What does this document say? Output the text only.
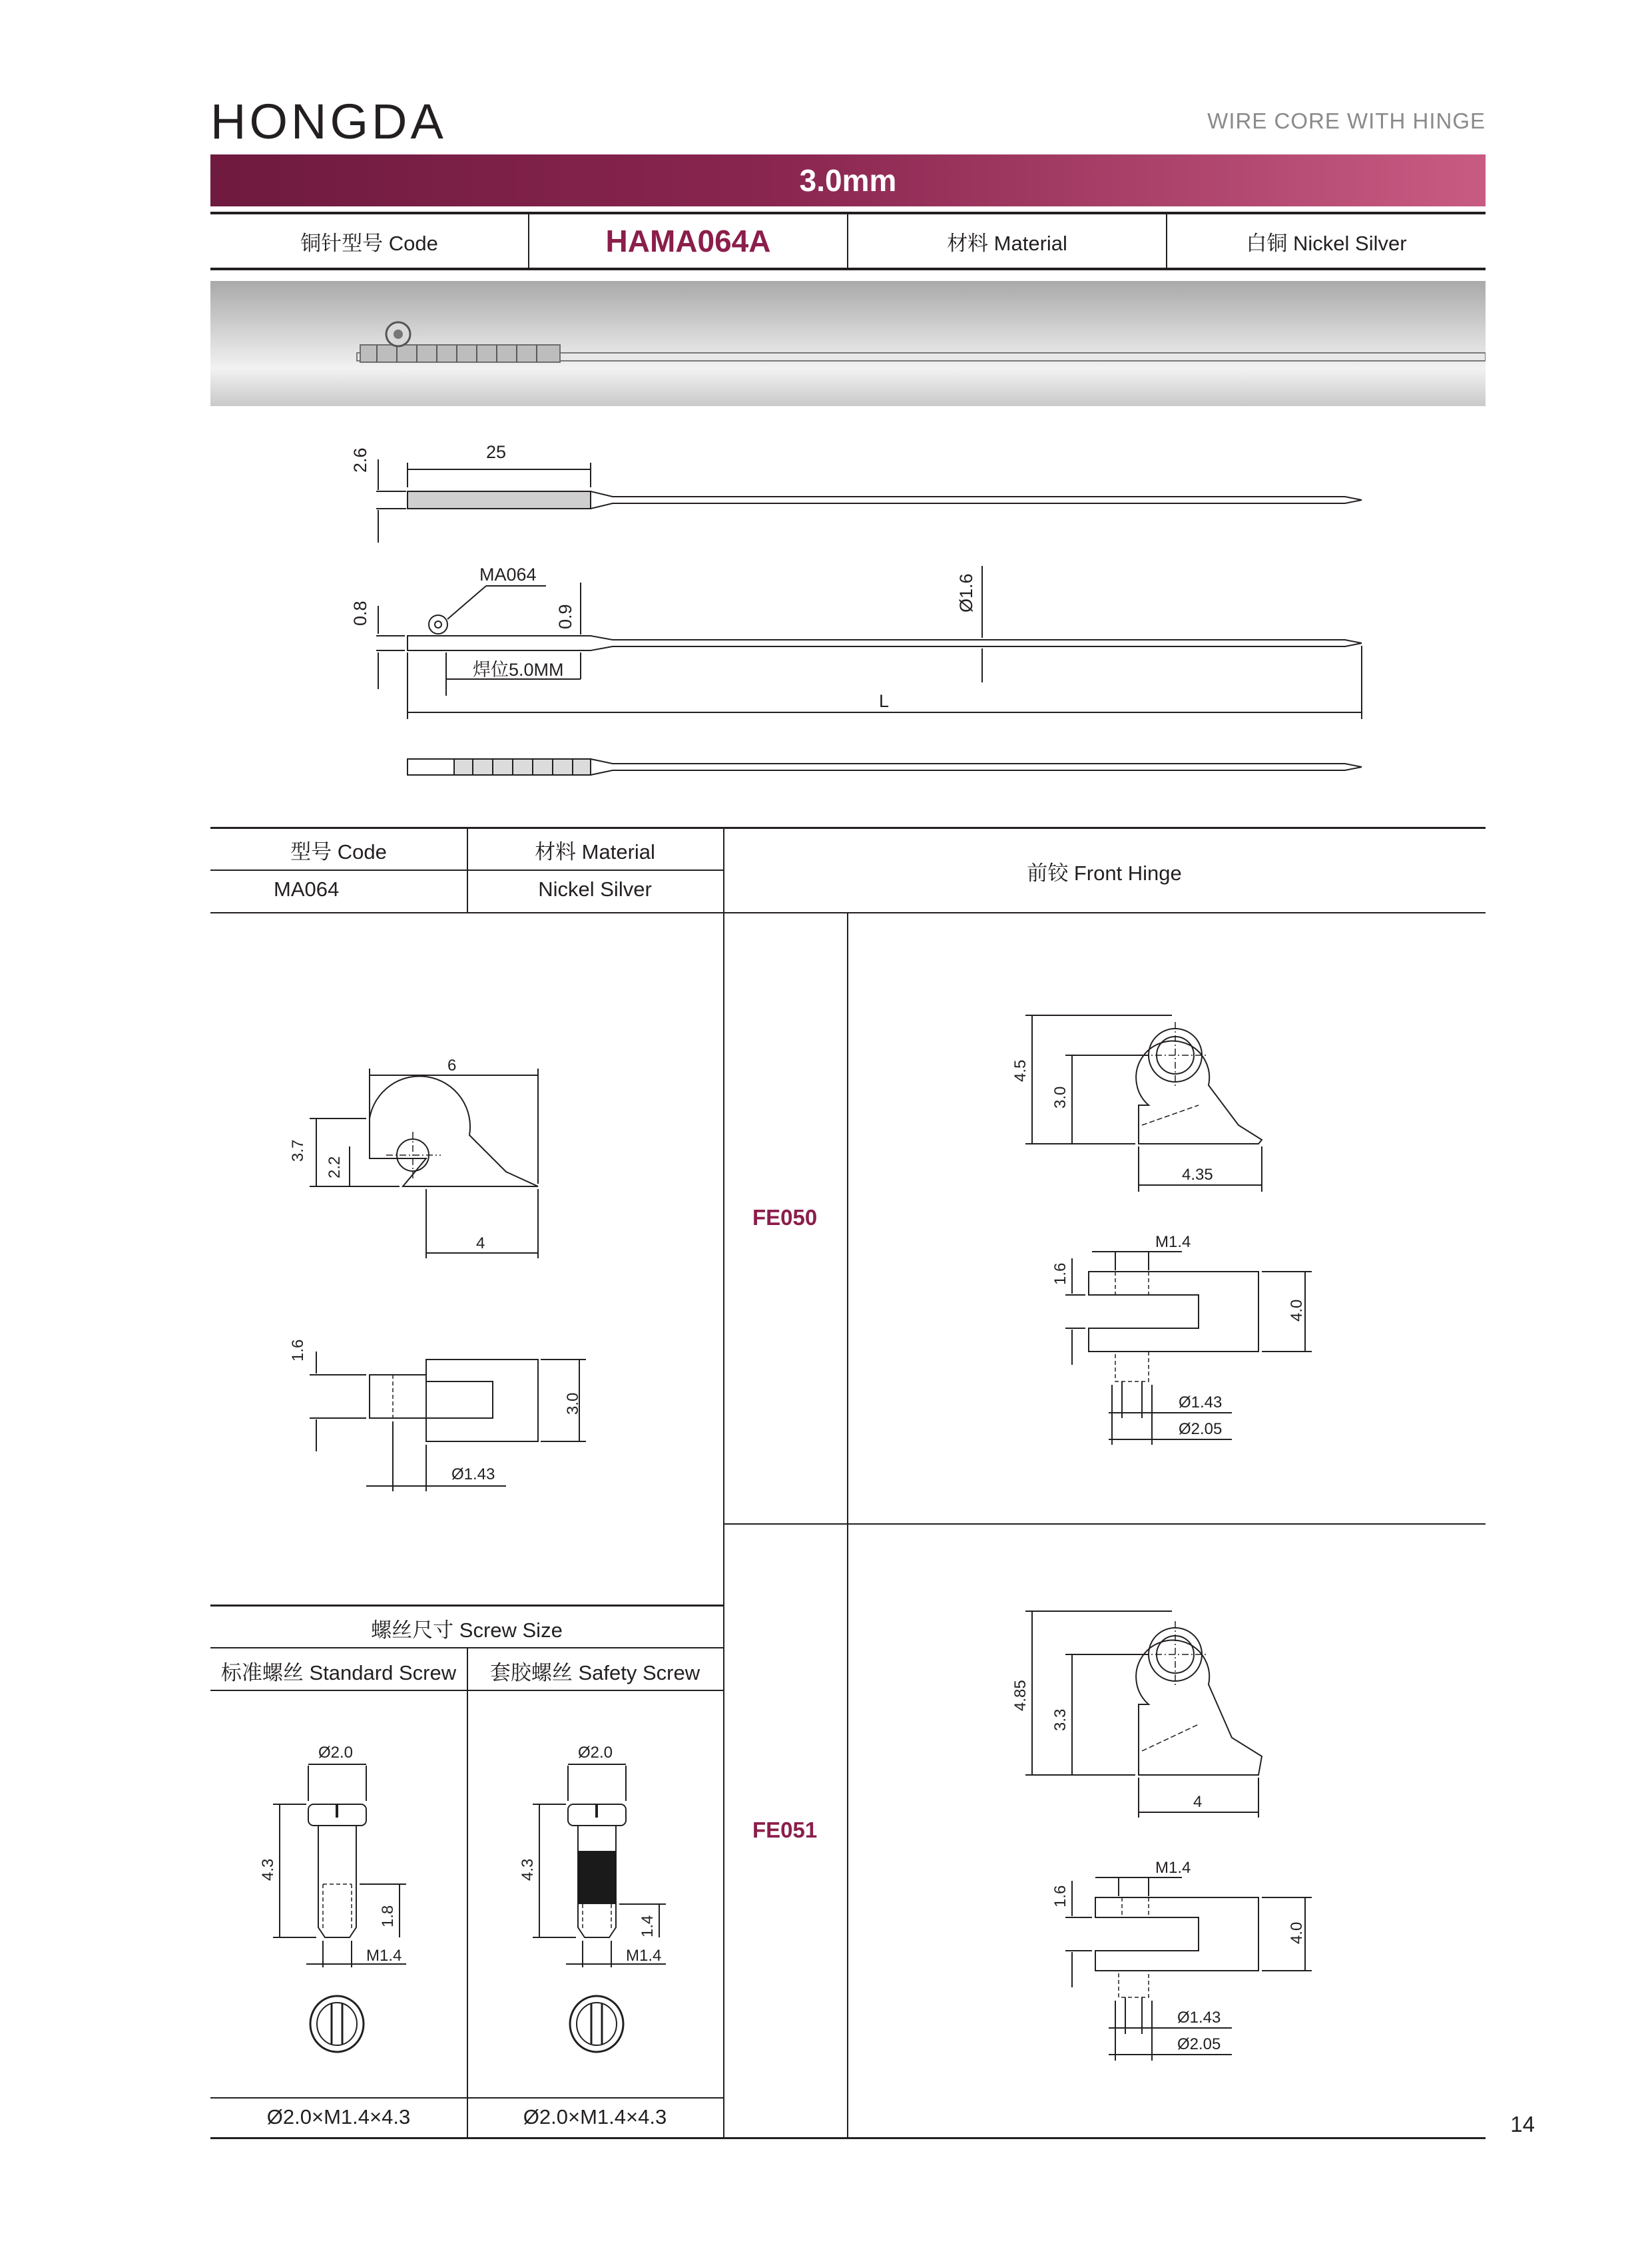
HONGDA	WIRE CORE WITH HINGE
3.0mm
铜针型号 Code	HAMA064A	材料 Material	白铜 Nickel Silver
25
2.6
MA064
0.8	0.9
Ø1.6
焊位5.0MM
L
型号 Code	材料 Material
MA064	Nickel Silver
前铰 Front Hinge
6
3.7
2.2
4
1.6
3.0
Ø1.43
螺丝尺寸 Screw Size
标准螺丝 Standard Screw	套胶螺丝 Safety Screw
Ø2.0×M1.4×4.3	Ø2.0×M1.4×4.3
Ø2.0
4.3
1.8
M1.4
Ø2.0
4.3
1.4
M1.4
FE050
FE051
4.5
3.0
4.35
M1.4
1.6
4.0
Ø1.43
Ø2.05
4.85
3.3
4
M1.4
1.6
4.0
Ø1.43
Ø2.05
14
